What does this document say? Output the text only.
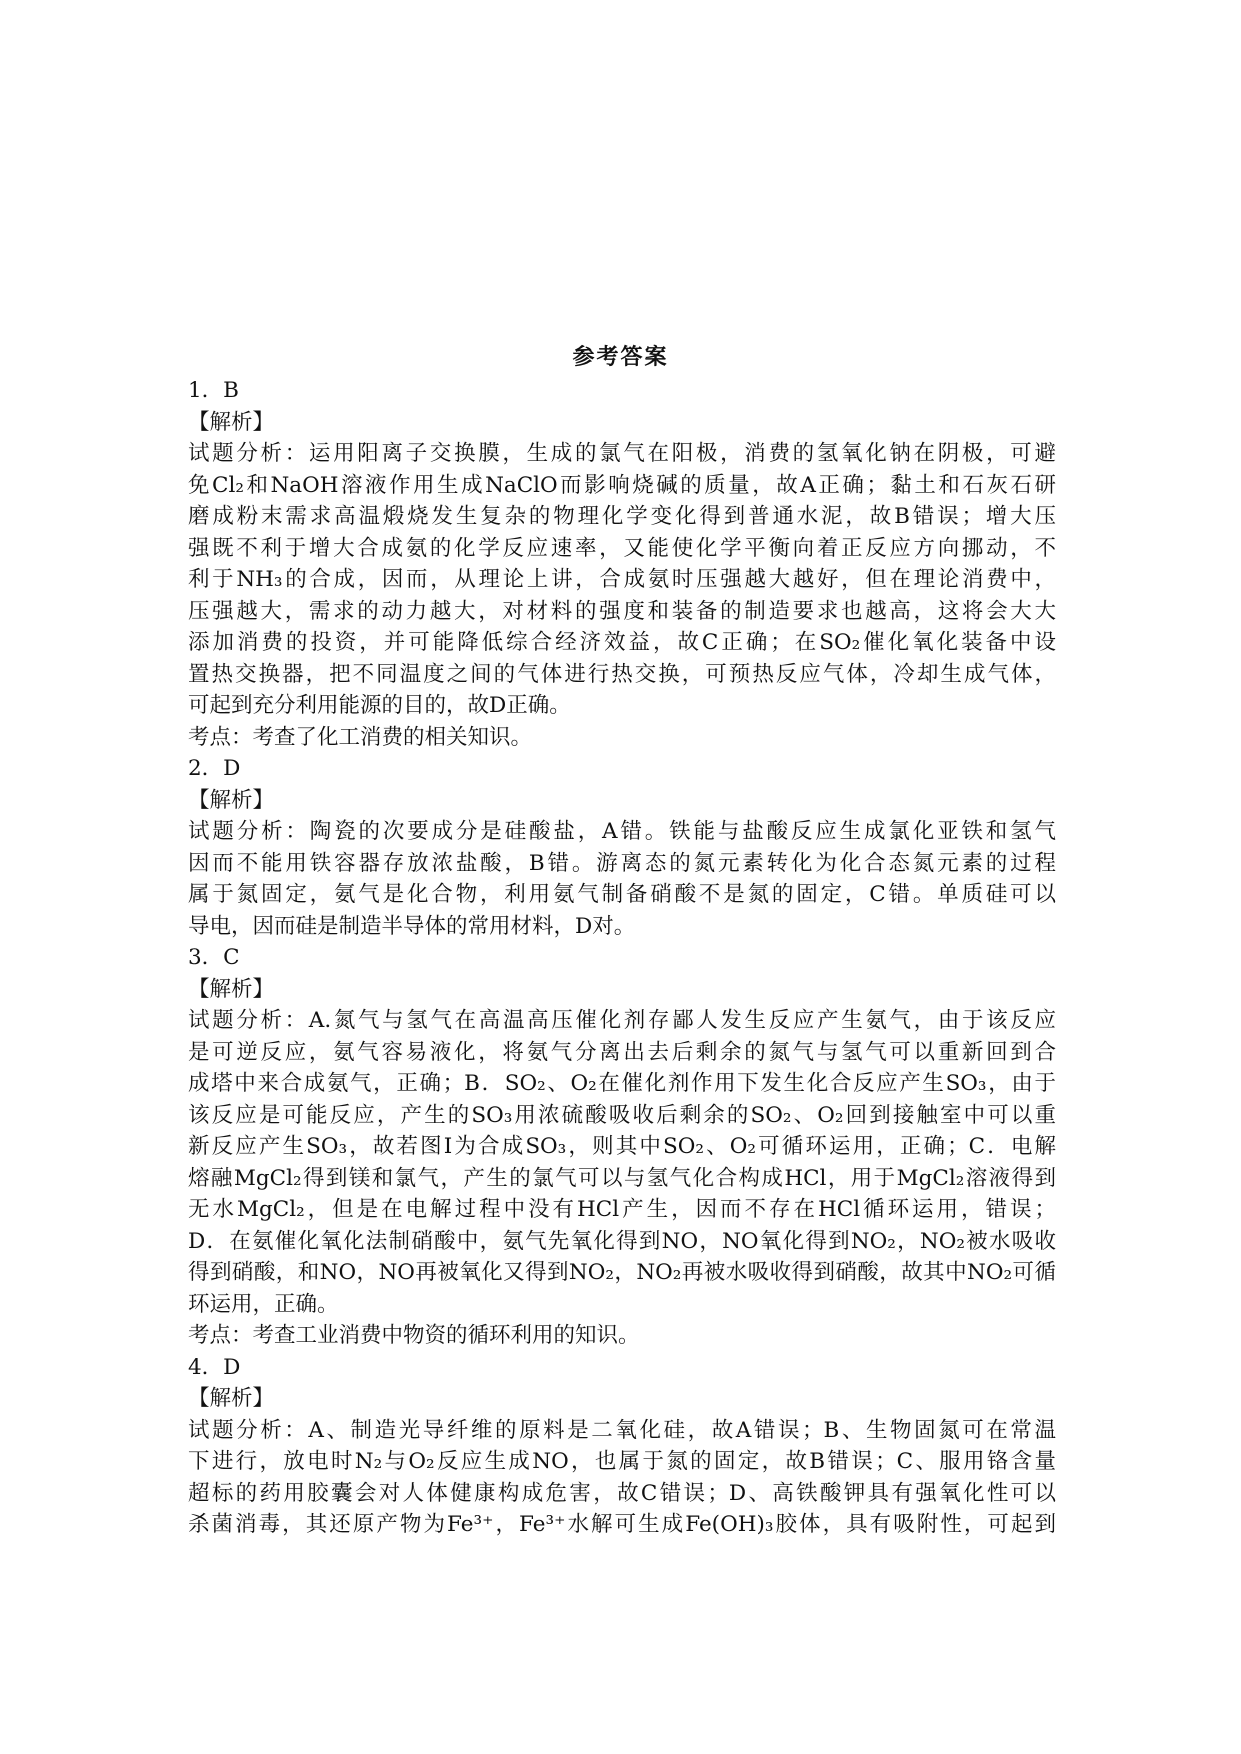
参考答案
1．B
【解析】
试题分析：运用阳离子交换膜，生成的氯气在阳极，消费的氢氧化钠在阴极，可避
免Cl₂和NaOH溶液作用生成NaClO而影响烧碱的质量，故A正确；黏土和石灰石研
磨成粉末需求高温煅烧发生复杂的物理化学变化得到普通水泥，故B错误；增大压
强既不利于增大合成氨的化学反应速率，又能使化学平衡向着正反应方向挪动，不
利于NH₃的合成，因而，从理论上讲，合成氨时压强越大越好，但在理论消费中，
压强越大，需求的动力越大，对材料的强度和装备的制造要求也越高，这将会大大
添加消费的投资，并可能降低综合经济效益，故C正确；在SO₂催化氧化装备中设
置热交换器，把不同温度之间的气体进行热交换，可预热反应气体，冷却生成气体，
可起到充分利用能源的目的，故D正确。
考点：考查了化工消费的相关知识。
2．D
【解析】
试题分析：陶瓷的次要成分是硅酸盐，A错。铁能与盐酸反应生成氯化亚铁和氢气
因而不能用铁容器存放浓盐酸，B错。游离态的氮元素转化为化合态氮元素的过程
属于氮固定，氨气是化合物，利用氨气制备硝酸不是氮的固定，C错。单质硅可以
导电，因而硅是制造半导体的常用材料，D对。
3．C
【解析】
试题分析：A.氮气与氢气在高温高压催化剂存鄙人发生反应产生氨气，由于该反应
是可逆反应，氨气容易液化，将氨气分离出去后剩余的氮气与氢气可以重新回到合
成塔中来合成氨气，正确；B．SO₂、O₂在催化剂作用下发生化合反应产生SO₃，由于
该反应是可能反应，产生的SO₃用浓硫酸吸收后剩余的SO₂、O₂回到接触室中可以重
新反应产生SO₃，故若图Ⅰ为合成SO₃，则其中SO₂、O₂可循环运用，正确；C．电解
熔融MgCl₂得到镁和氯气，产生的氯气可以与氢气化合构成HCl，用于MgCl₂溶液得到
无水MgCl₂，但是在电解过程中没有HCl产生，因而不存在HCl循环运用，错误；
D．在氨催化氧化法制硝酸中，氨气先氧化得到NO，NO氧化得到NO₂，NO₂被水吸收
得到硝酸，和NO，NO再被氧化又得到NO₂，NO₂再被水吸收得到硝酸，故其中NO₂可循
环运用，正确。
考点：考查工业消费中物资的循环利用的知识。
4．D
【解析】
试题分析：A、制造光导纤维的原料是二氧化硅，故A错误；B、生物固氮可在常温
下进行，放电时N₂与O₂反应生成NO，也属于氮的固定，故B错误；C、服用铬含量
超标的药用胶囊会对人体健康构成危害，故C错误；D、高铁酸钾具有强氧化性可以
杀菌消毒，其还原产物为Fe³⁺，Fe³⁺水解可生成Fe(OH)₃胶体，具有吸附性，可起到
